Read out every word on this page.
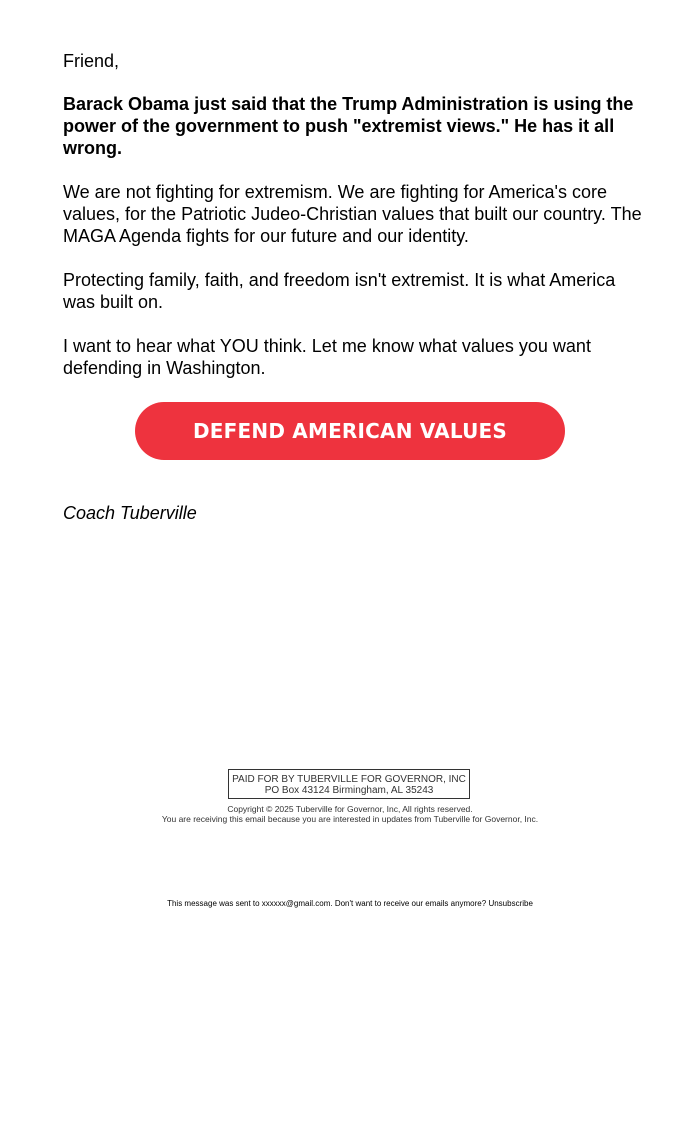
Friend,

Barack Obama just said that the Trump Administration is using the power of the government to push "extremist views." He has it all wrong.

We are not fighting for extremism. We are fighting for America's core values, for the Patriotic Judeo-Christian values that built our country. The MAGA Agenda fights for our future and our identity.

Protecting family, faith, and freedom isn't extremist. It is what America was built on.

I want to hear what YOU think. Let me know what values you want defending in Washington.

DEFEND AMERICAN VALUES
Coach Tuberville
PAID FOR BY TUBERVILLE FOR GOVERNOR, INC
PO Box 43124 Birmingham, AL 35243
Copyright © 2025 Tuberville for Governor, Inc, All rights reserved.
You are receiving this email because you are interested in updates from Tuberville for Governor, Inc.
This message was sent to xxxxxx@gmail.com. Don't want to receive our emails anymore? Unsubscribe
